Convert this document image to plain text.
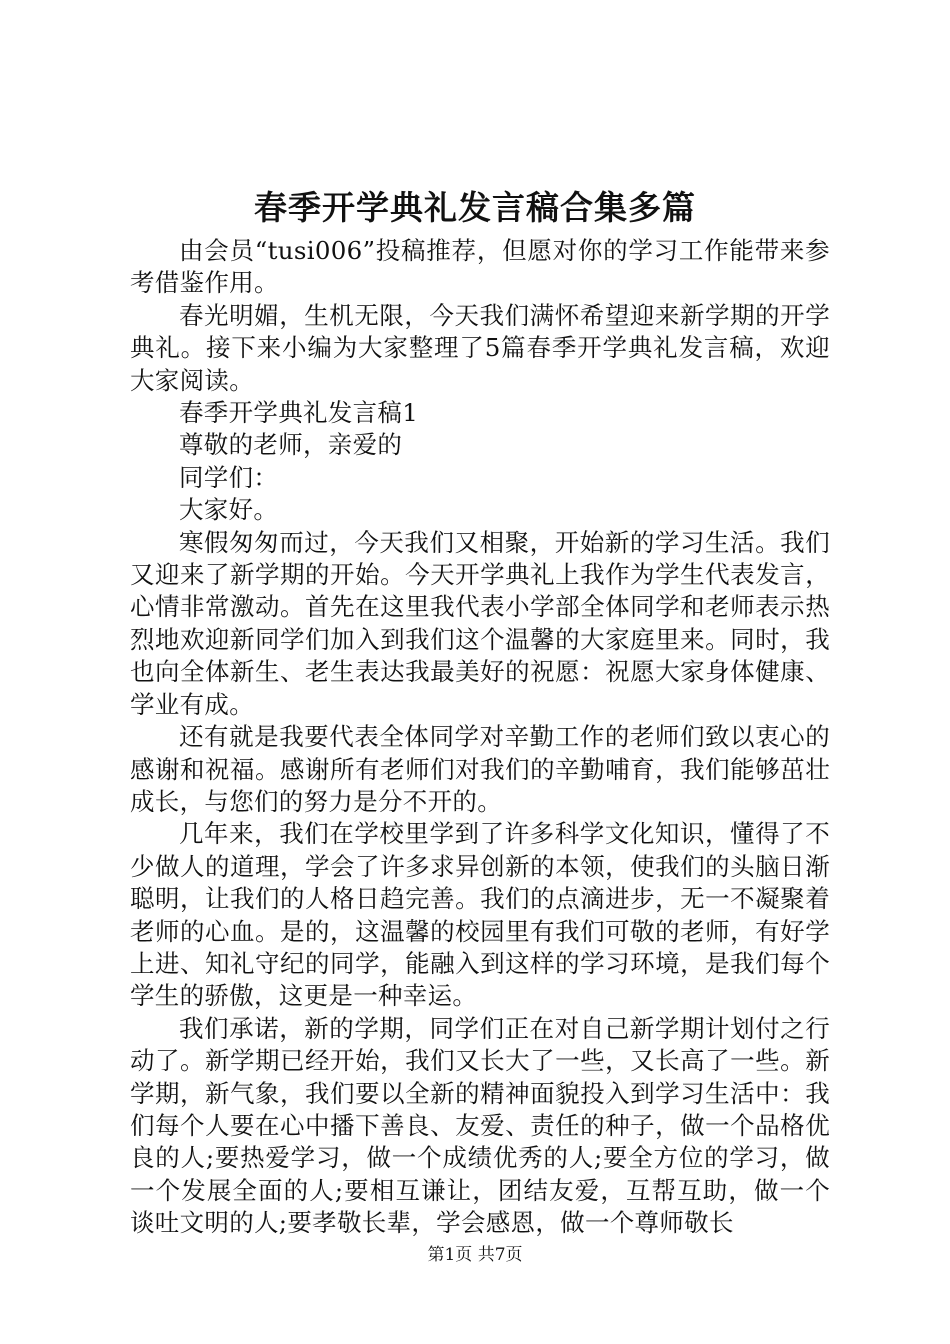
春季开学典礼发言稿合集多篇

由会员“tusi006”投稿推荐，但愿对你的学习工作能带来参考借鉴作用。

春光明媚，生机无限，今天我们满怀希望迎来新学期的开学典礼。接下来小编为大家整理了5篇春季开学典礼发言稿，欢迎大家阅读。

春季开学典礼发言稿1

尊敬的老师，亲爱的

同学们：

大家好。

寒假匆匆而过，今天我们又相聚，开始新的学习生活。我们又迎来了新学期的开始。今天开学典礼上我作为学生代表发言，心情非常激动。首先在这里我代表小学部全体同学和老师表示热烈地欢迎新同学们加入到我们这个温馨的大家庭里来。同时，我也向全体新生、老生表达我最美好的祝愿：祝愿大家身体健康、学业有成。

还有就是我要代表全体同学对辛勤工作的老师们致以衷心的感谢和祝福。感谢所有老师们对我们的辛勤哺育，我们能够茁壮成长，与您们的努力是分不开的。

几年来，我们在学校里学到了许多科学文化知识，懂得了不少做人的道理，学会了许多求异创新的本领，使我们的头脑日渐聪明，让我们的人格日趋完善。我们的点滴进步，无一不凝聚着老师的心血。是的，这温馨的校园里有我们可敬的老师，有好学上进、知礼守纪的同学，能融入到这样的学习环境，是我们每个学生的骄傲，这更是一种幸运。

我们承诺，新的学期，同学们正在对自己新学期计划付之行动了。新学期已经开始，我们又长大了一些，又长高了一些。新学期，新气象，我们要以全新的精神面貌投入到学习生活中：我们每个人要在心中播下善良、友爱、责任的种子，做一个品格优良的人;要热爱学习，做一个成绩优秀的人;要全方位的学习，做一个发展全面的人;要相互谦让，团结友爱，互帮互助，做一个谈吐文明的人;要孝敬长辈，学会感恩，做一个尊师敬长

第1页 共7页
